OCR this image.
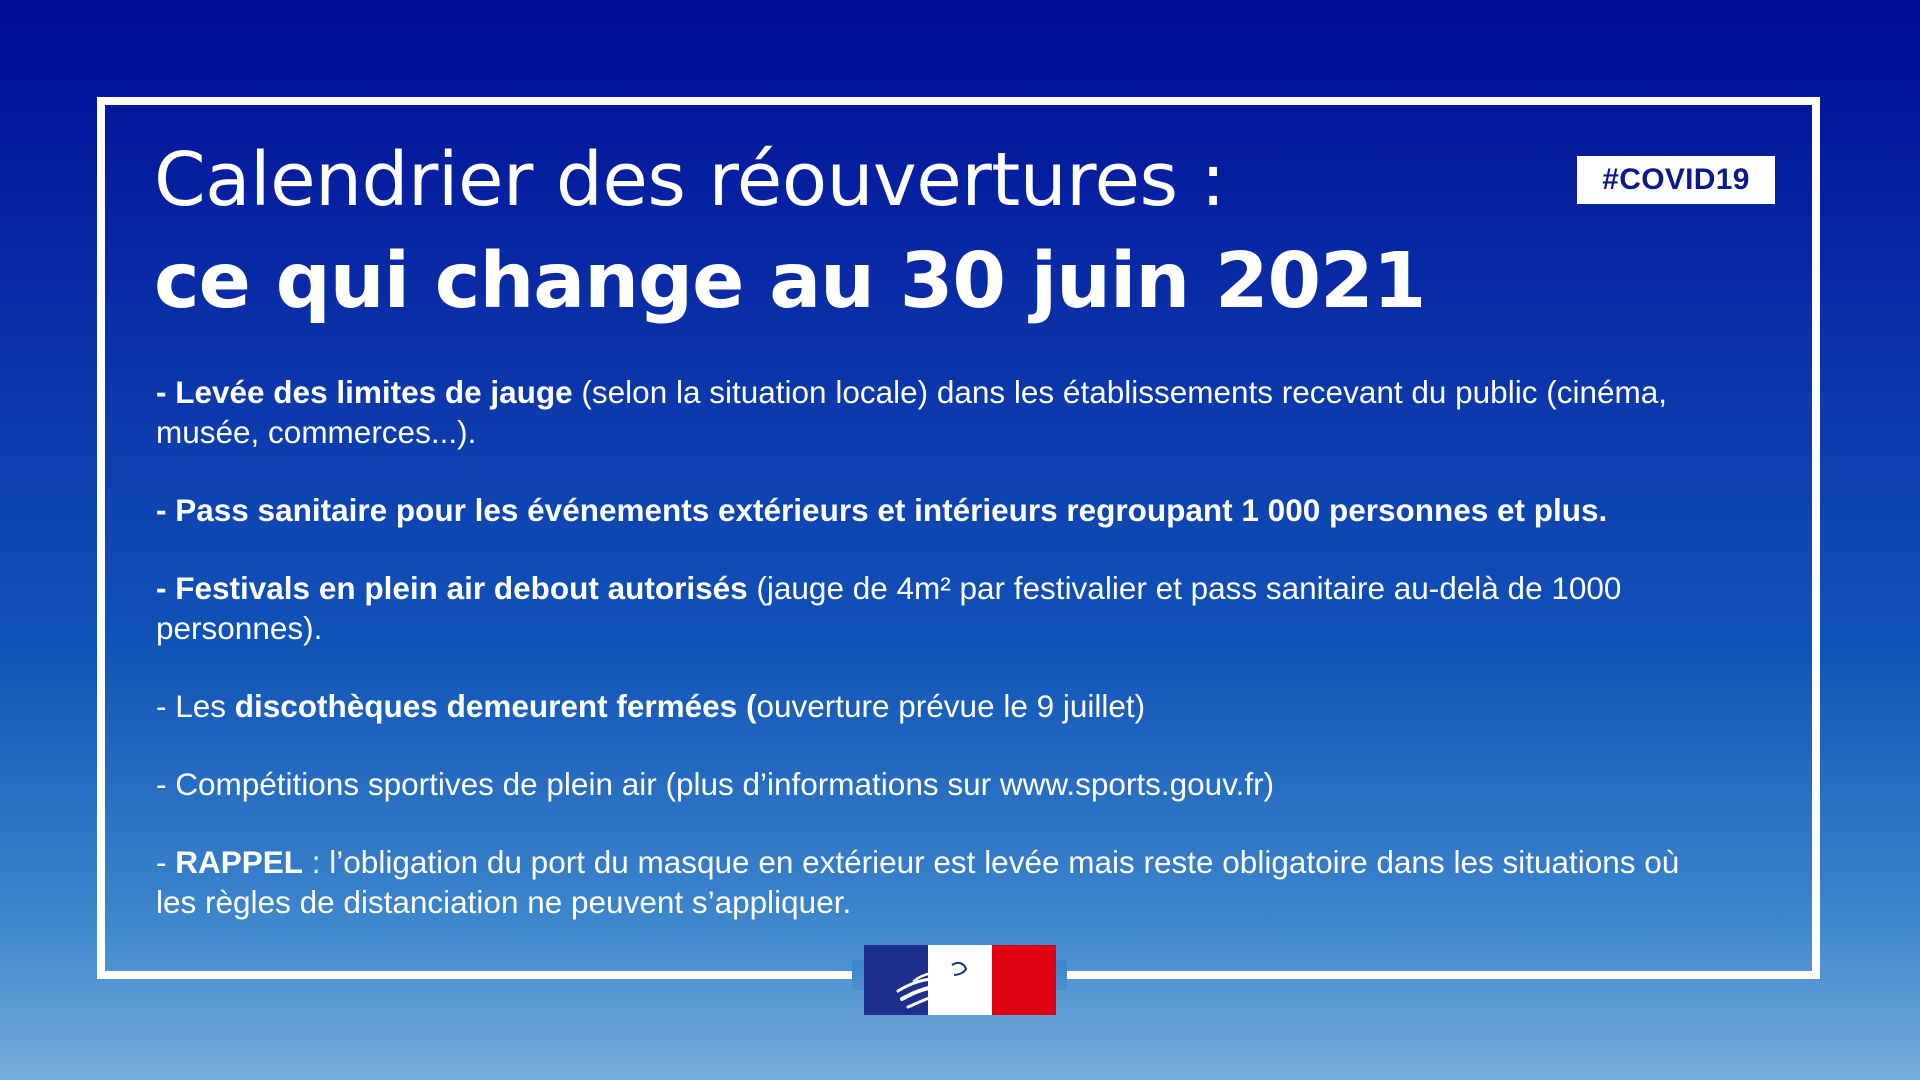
#COVID19
Calendrier des réouvertures :
ce qui change au 30 juin 2021
- Levée des limites de jauge (selon la situation locale) dans les établissements recevant du public (cinéma, musée, commerces...).
- Pass sanitaire pour les événements extérieurs et intérieurs regroupant 1 000 personnes et plus.
- Festivals en plein air debout autorisés (jauge de 4m² par festivalier et pass sanitaire au-delà de 1000 personnes).
- Les discothèques demeurent fermées (ouverture prévue le 9 juillet)
- Compétitions sportives de plein air (plus d’informations sur www.sports.gouv.fr)
- RAPPEL : l’obligation du port du masque en extérieur est levée mais reste obligatoire dans les situations où les règles de distanciation ne peuvent s’appliquer.
